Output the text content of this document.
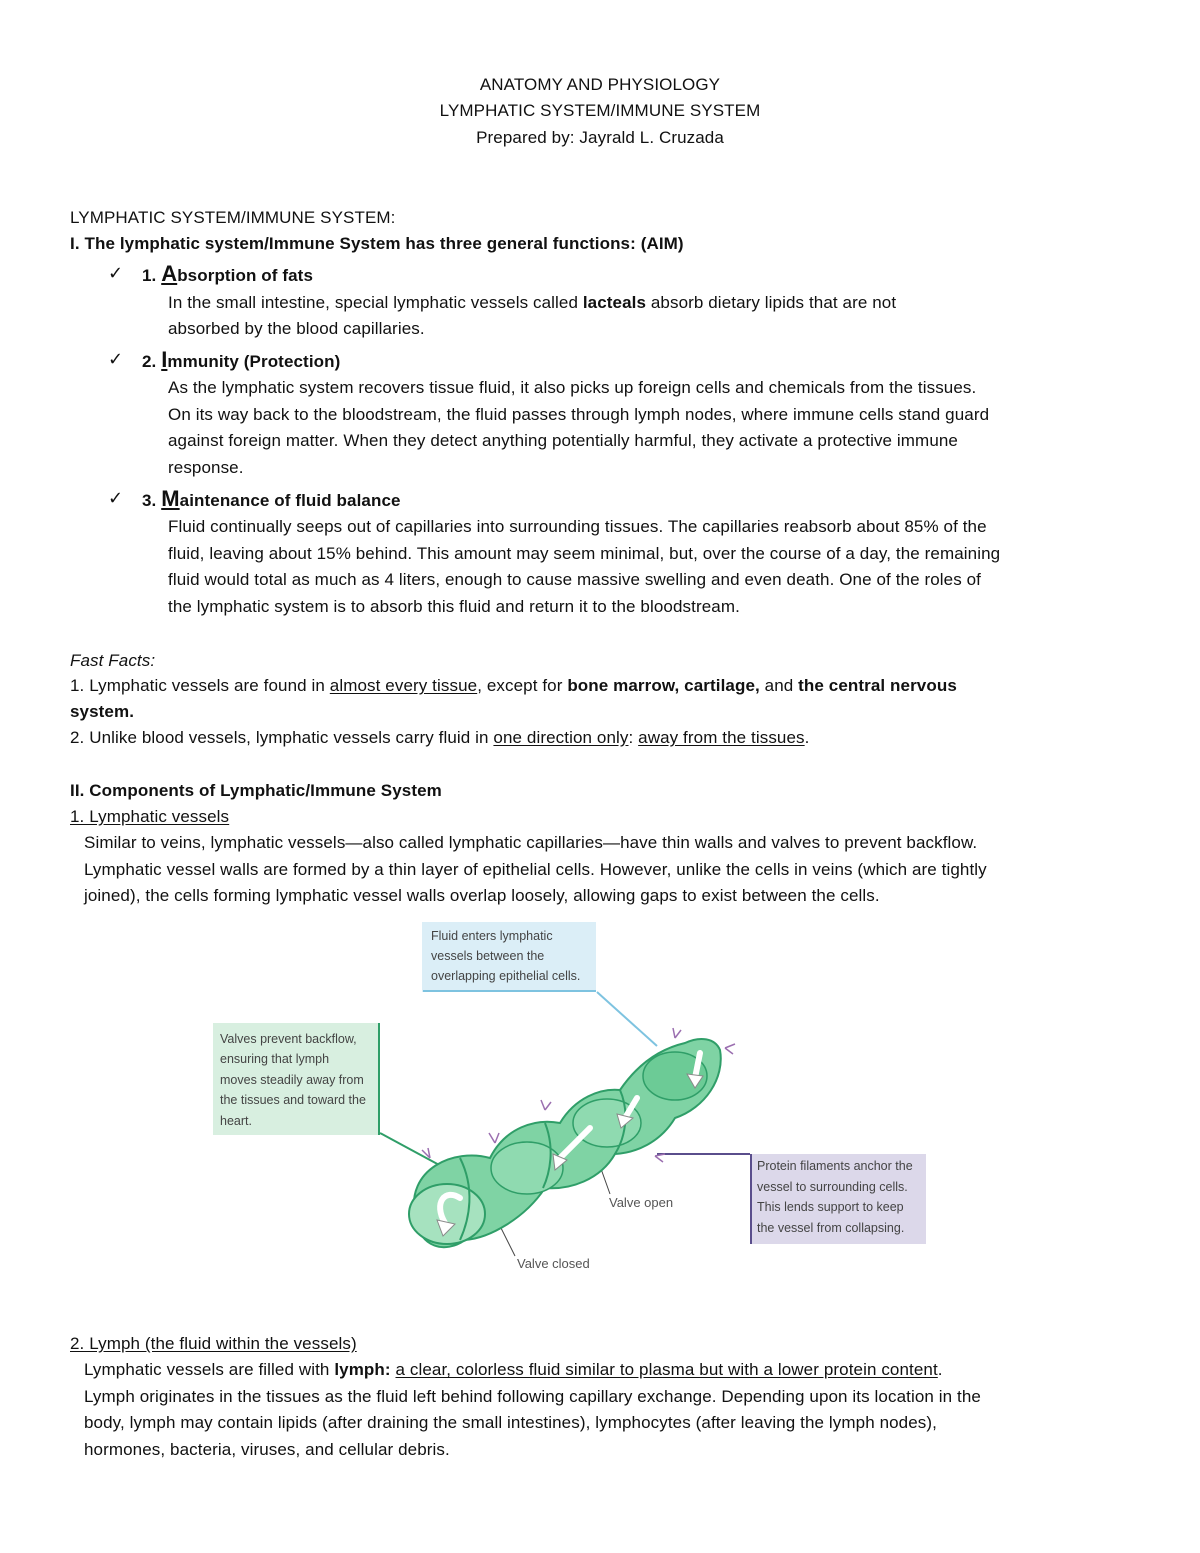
ANATOMY AND PHYSIOLOGY
LYMPHATIC SYSTEM/IMMUNE SYSTEM
Prepared by: Jayrald L. Cruzada
LYMPHATIC SYSTEM/IMMUNE SYSTEM:
I. The lymphatic system/Immune System has three general functions: (AIM)
✓ 1. Absorption of fats
In the small intestine, special lymphatic vessels called lacteals absorb dietary lipids that are not
absorbed by the blood capillaries.
✓ 2. Immunity (Protection)
As the lymphatic system recovers tissue fluid, it also picks up foreign cells and chemicals from the tissues.
On its way back to the bloodstream, the fluid passes through lymph nodes, where immune cells stand guard
against foreign matter. When they detect anything potentially harmful, they activate a protective immune
response.
✓ 3. Maintenance of fluid balance
Fluid continually seeps out of capillaries into surrounding tissues. The capillaries reabsorb about 85% of the
fluid, leaving about 15% behind. This amount may seem minimal, but, over the course of a day, the remaining
fluid would total as much as 4 liters, enough to cause massive swelling and even death. One of the roles of
the lymphatic system is to absorb this fluid and return it to the bloodstream.
Fast Facts:
1. Lymphatic vessels are found in almost every tissue, except for bone marrow, cartilage, and the central nervous
system.
2. Unlike blood vessels, lymphatic vessels carry fluid in one direction only: away from the tissues.
II. Components of Lymphatic/Immune System
1. Lymphatic vessels
Similar to veins, lymphatic vessels—also called lymphatic capillaries—have thin walls and valves to prevent backflow.
Lymphatic vessel walls are formed by a thin layer of epithelial cells. However, unlike the cells in veins (which are tightly
joined), the cells forming lymphatic vessel walls overlap loosely, allowing gaps to exist between the cells.
Fluid enters lymphatic
vessels between the
overlapping epithelial cells.
Valves prevent backflow,
ensuring that lymph
moves steadily away from
the tissues and toward the
heart.
Protein filaments anchor the
vessel to surrounding cells.
This lends support to keep
the vessel from collapsing.
Valve open
Valve closed
2. Lymph (the fluid within the vessels)
Lymphatic vessels are filled with lymph: a clear, colorless fluid similar to plasma but with a lower protein content.
Lymph originates in the tissues as the fluid left behind following capillary exchange. Depending upon its location in the
body, lymph may contain lipids (after draining the small intestines), lymphocytes (after leaving the lymph nodes),
hormones, bacteria, viruses, and cellular debris.
